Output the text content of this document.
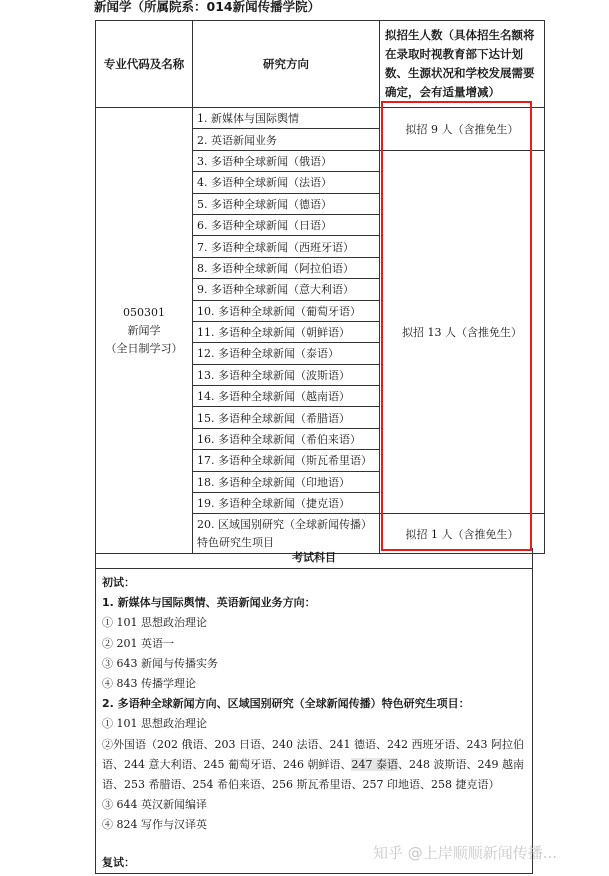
新闻学（所属院系：014新闻传播学院）
专业代码及名称	研究方向	拟招生人数（具体招生名额将在录取时视教育部下达计划数、生源状况和学校发展需要确定，会有适量增减）

050301
新闻学
（全日制学习）	1. 新媒体与国际舆情	拟招 9 人（含推免生）
	2. 英语新闻业务	
	3. 多语种全球新闻（俄语）	拟招 13 人（含推免生）
	4. 多语种全球新闻（法语）	
	5. 多语种全球新闻（德语）	
	6. 多语种全球新闻（日语）	
	7. 多语种全球新闻（西班牙语）	
	8. 多语种全球新闻（阿拉伯语）	
	9. 多语种全球新闻（意大利语）	
	10. 多语种全球新闻（葡萄牙语）	
	11. 多语种全球新闻（朝鲜语）	
	12. 多语种全球新闻（泰语）	
	13. 多语种全球新闻（波斯语）	
	14. 多语种全球新闻（越南语）	
	15. 多语种全球新闻（希腊语）	
	16. 多语种全球新闻（希伯来语）	
	17. 多语种全球新闻（斯瓦希里语）	
	18. 多语种全球新闻（印地语）	
	19. 多语种全球新闻（捷克语）	
	20. 区域国别研究（全球新闻传播）特色研究生项目	拟招 1 人（含推免生）
考试科目
初试：
1. 新媒体与国际舆情、英语新闻业务方向：
① 101 思想政治理论
② 201 英语一
③ 643 新闻与传播实务
④ 843 传播学理论
2. 多语种全球新闻方向、区域国别研究（全球新闻传播）特色研究生项目：
① 101 思想政治理论
②外国语（202 俄语、203 日语、240 法语、241 德语、242 西班牙语、243 阿拉伯语、244 意大利语、245 葡萄牙语、246 朝鲜语、247 泰语、248 波斯语、249 越南语、253 希腊语、254 希伯来语、256 斯瓦希里语、257 印地语、258 捷克语）
③ 644 英汉新闻编译
④ 824 写作与汉译英
复试：
知乎 @上岸顺顺新闻传播...
